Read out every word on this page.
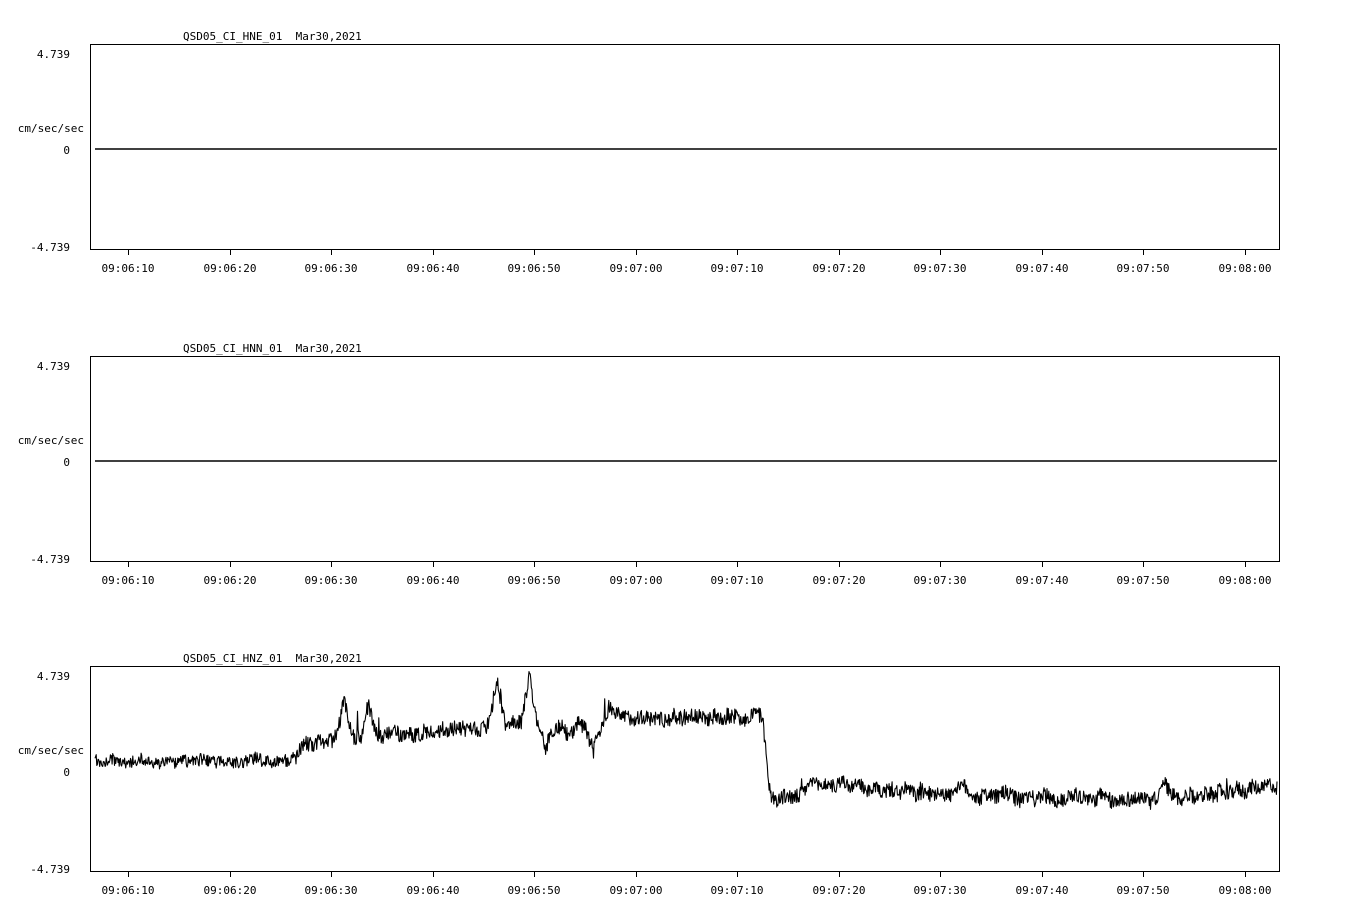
cm/sec/sec
4.739
0
-4.739
QSD05_CI_HNE_01  Mar30,2021
09:06:10	09:06:20	09:06:30	09:06:40	09:06:50	09:07:00	09:07:10	09:07:20	09:07:30	09:07:40	09:07:50	09:08:00
cm/sec/sec
4.739
0
-4.739
QSD05_CI_HNN_01  Mar30,2021
09:06:10	09:06:20	09:06:30	09:06:40	09:06:50	09:07:00	09:07:10	09:07:20	09:07:30	09:07:40	09:07:50	09:08:00
cm/sec/sec
4.739
0
-4.739
QSD05_CI_HNZ_01  Mar30,2021
09:06:10	09:06:20	09:06:30	09:06:40	09:06:50	09:07:00	09:07:10	09:07:20	09:07:30	09:07:40	09:07:50	09:08:00
